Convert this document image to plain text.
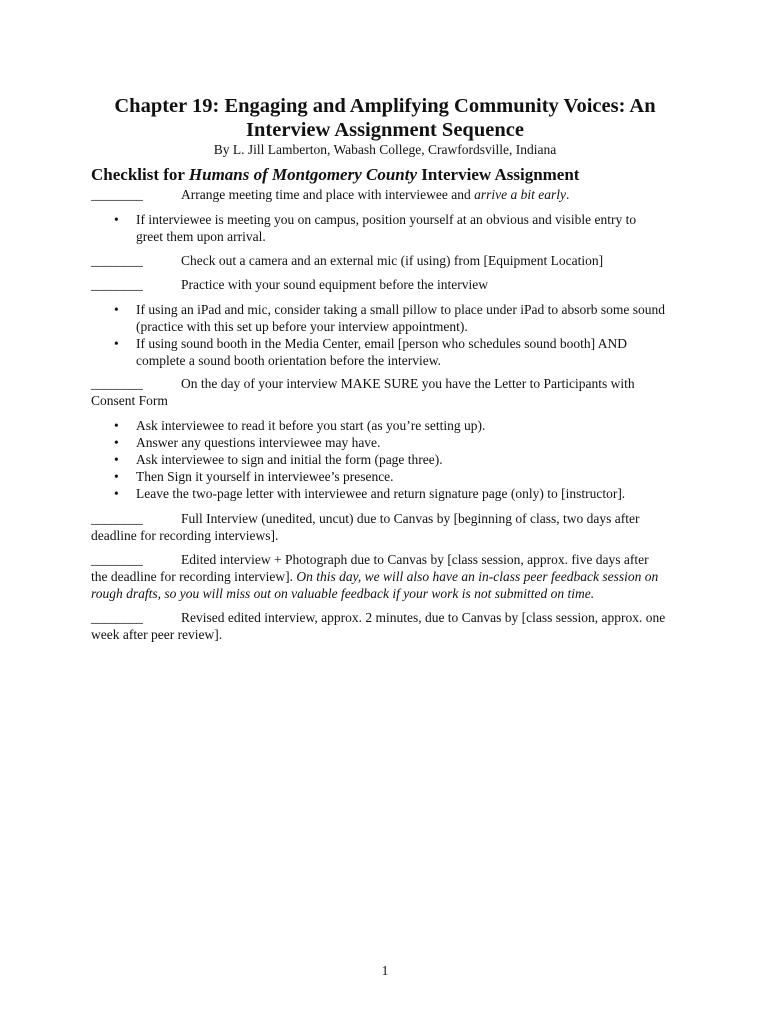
Chapter 19: Engaging and Amplifying Community Voices: An
Interview Assignment Sequence
By L. Jill Lamberton, Wabash College, Crawfordsville, Indiana
Checklist for Humans of Montgomery County Interview Assignment
________	Arrange meeting time and place with interviewee and arrive a bit early.
• If interviewee is meeting you on campus, position yourself at an obvious and visible entry to
greet them upon arrival.
________	Check out a camera and an external mic (if using) from [Equipment Location]
________	Practice with your sound equipment before the interview
• If using an iPad and mic, consider taking a small pillow to place under iPad to absorb some sound
(practice with this set up before your interview appointment).
• If using sound booth in the Media Center, email [person who schedules sound booth] AND
complete a sound booth orientation before the interview.
________	On the day of your interview MAKE SURE you have the Letter to Participants with
Consent Form
• Ask interviewee to read it before you start (as you’re setting up).
• Answer any questions interviewee may have.
• Ask interviewee to sign and initial the form (page three).
• Then Sign it yourself in interviewee’s presence.
• Leave the two-page letter with interviewee and return signature page (only) to [instructor].
________	Full Interview (unedited, uncut) due to Canvas by [beginning of class, two days after
deadline for recording interviews].
________	Edited interview + Photograph due to Canvas by [class session, approx. five days after
the deadline for recording interview]. On this day, we will also have an in-class peer feedback session on
rough drafts, so you will miss out on valuable feedback if your work is not submitted on time.
________	Revised edited interview, approx. 2 minutes, due to Canvas by [class session, approx. one
week after peer review].
1
